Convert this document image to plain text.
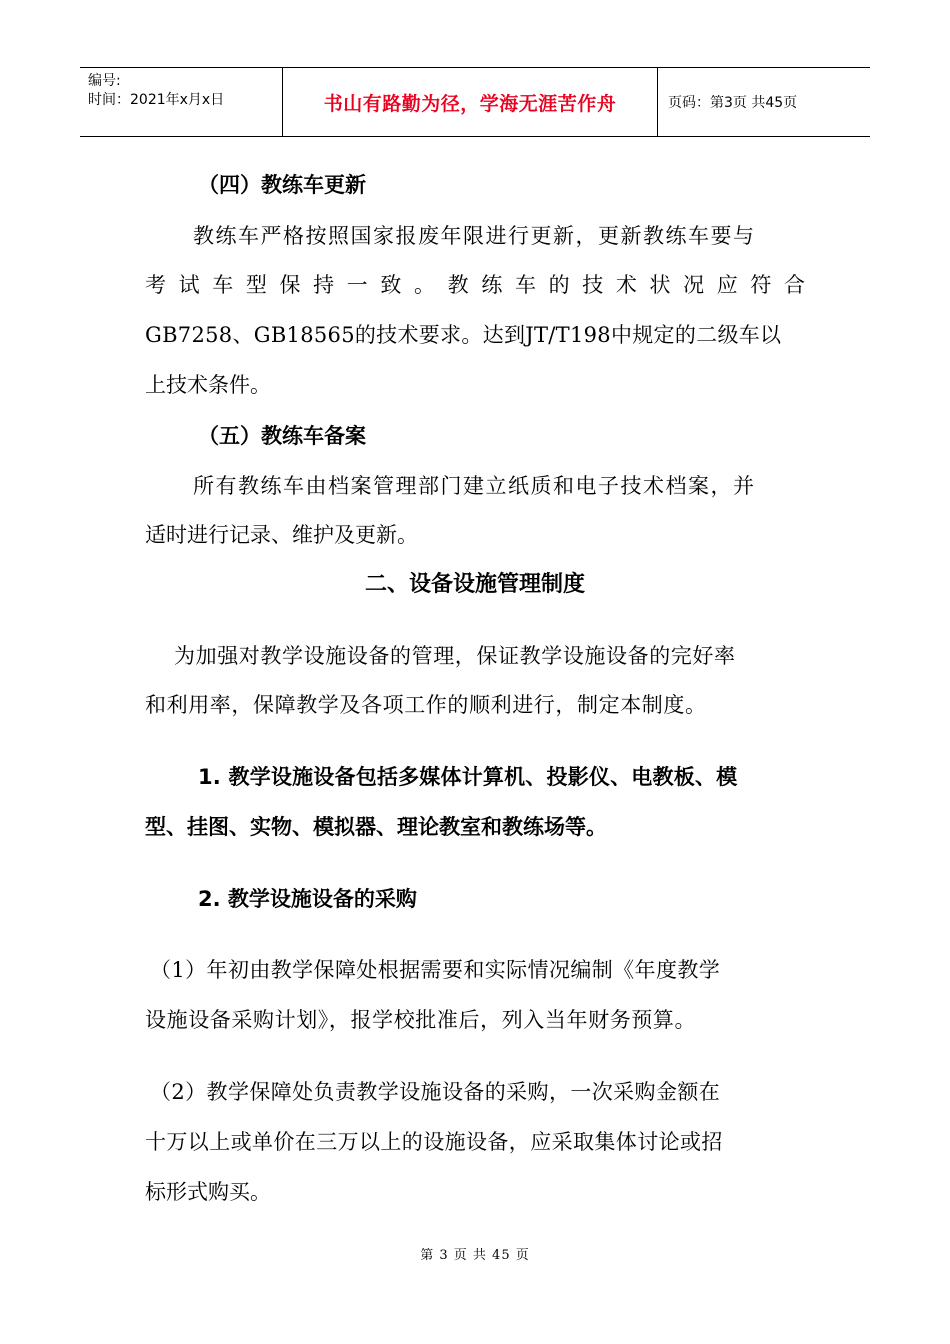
编号:
时间：2021年x月x日	书山有路勤为径，学海无涯苦作舟	页码：第3页 共45页
（四）教练车更新
教练车严格按照国家报废年限进行更新，更新教练车要与
考试车型保持一致。教练车的技术状况应符合
GB7258、GB18565的技术要求。达到JT/T198中规定的二级车以
上技术条件。
（五）教练车备案
所有教练车由档案管理部门建立纸质和电子技术档案，并
适时进行记录、维护及更新。
二、设备设施管理制度
为加强对教学设施设备的管理，保证教学设施设备的完好率
和利用率，保障教学及各项工作的顺利进行，制定本制度。
1. 教学设施设备包括多媒体计算机、投影仪、电教板、模
型、挂图、实物、模拟器、理论教室和教练场等。
2. 教学设施设备的采购
（1）年初由教学保障处根据需要和实际情况编制《年度教学
设施设备采购计划》，报学校批准后，列入当年财务预算。
（2）教学保障处负责教学设施设备的采购，一次采购金额在
十万以上或单价在三万以上的设施设备，应采取集体讨论或招
标形式购买。
第 3 页 共 45 页
